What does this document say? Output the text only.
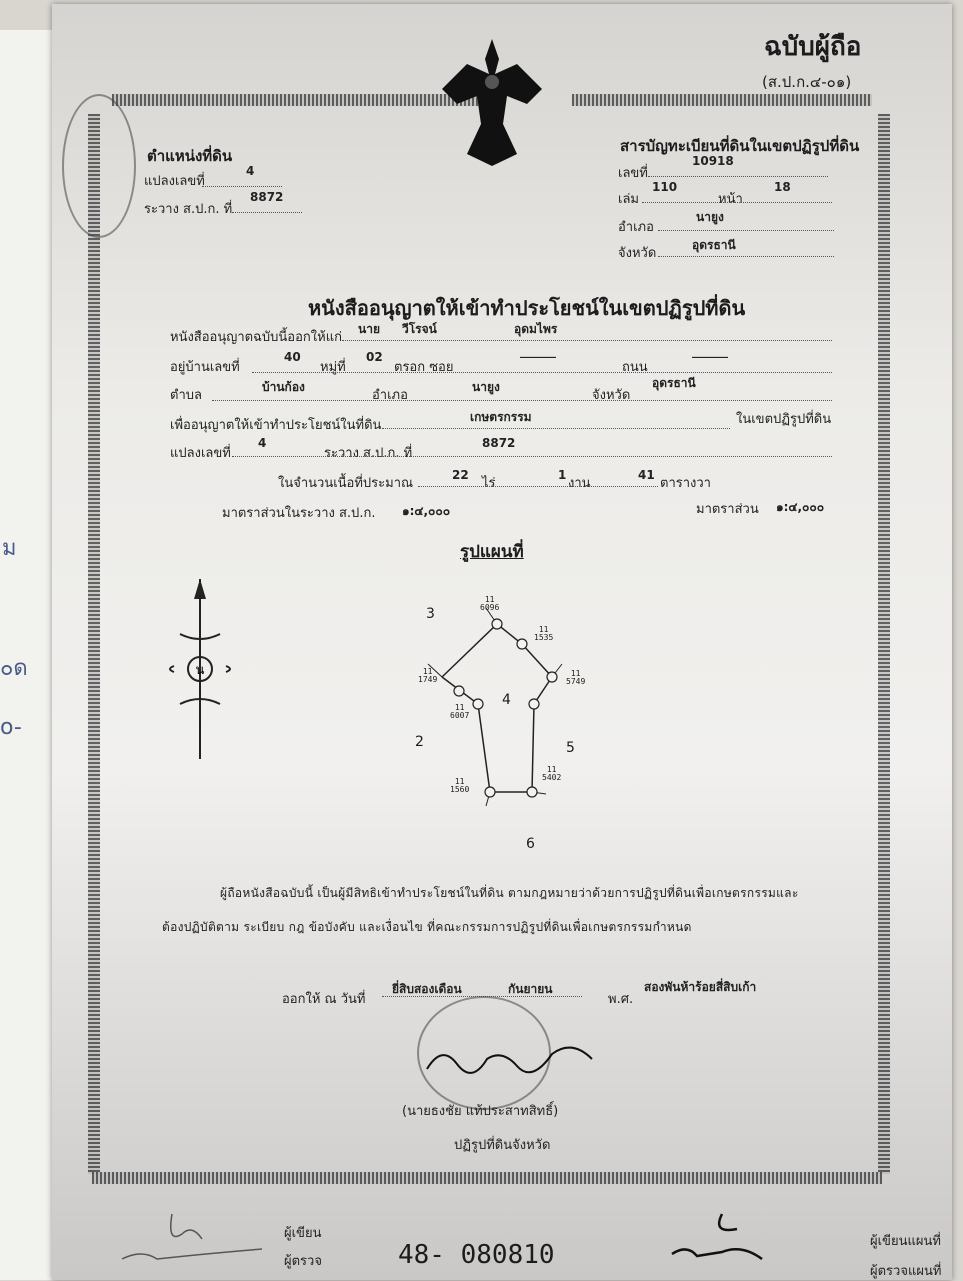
ม
๐ด
o-
ฉบับผู้ถือ
(ส.ป.ก.๔-๐๑)
ตำแหน่งที่ดิน
แปลงเลขที่
4
ระวาง ส.ป.ก. ที่
8872
สารบัญทะเบียนที่ดินในเขตปฏิรูปที่ดิน
เลขที่
10918
เล่ม
110
หน้า
18
อำเภอ
นายูง
จังหวัด
อุดรธานี
หนังสืออนุญาตให้เข้าทำประโยชน์ในเขตปฏิรูปที่ดิน
หนังสืออนุญาตฉบับนี้ออกให้แก่
นาย วีโรจน์	อุดมไพร
อยู่บ้านเลขที่
40
หมู่ที่
02
ตรอก ซอย
______
ถนน
______
ตำบล
บ้านก้อง
อำเภอ
นายูง
จังหวัด
อุดรธานี
เพื่ออนุญาตให้เข้าทำประโยชน์ในที่ดิน
เกษตรกรรม	ในเขตปฏิรูปที่ดิน
แปลงเลขที่
4
ระวาง ส.ป.ก. ที่
8872
ในจำนวนเนื้อที่ประมาณ
22
ไร่
1
งาน
41
ตารางวา
มาตราส่วนในระวาง ส.ป.ก. ๑:๔,๐๐๐	มาตราส่วน ๑:๔,๐๐๐
รูปแผนที่
น
3
2
4
5
6
11
6096
11
1535
11
5749
11
1749
11
6007
11
5402
11
1560
ผู้ถือหนังสือฉบับนี้ เป็นผู้มีสิทธิเข้าทำประโยชน์ในที่ดิน ตามกฎหมายว่าด้วยการปฏิรูปที่ดินเพื่อเกษตรกรรมและ
ต้องปฏิบัติตาม ระเบียบ กฎ ข้อบังคับ และเงื่อนไข ที่คณะกรรมการปฏิรูปที่ดินเพื่อเกษตรกรรมกำหนด
ออกให้ ณ วันที่
ยี่สิบสองเดือน	กันยายน
พ.ศ.
สองพันห้าร้อยสี่สิบเก้า
(นายธงชัย แท้ประสาทสิทธิ์)
ปฏิรูปที่ดินจังหวัด
ผู้เขียน
ผู้ตรวจ	48- 080810	ผู้เขียนแผนที่
ผู้ตรวจแผนที่
